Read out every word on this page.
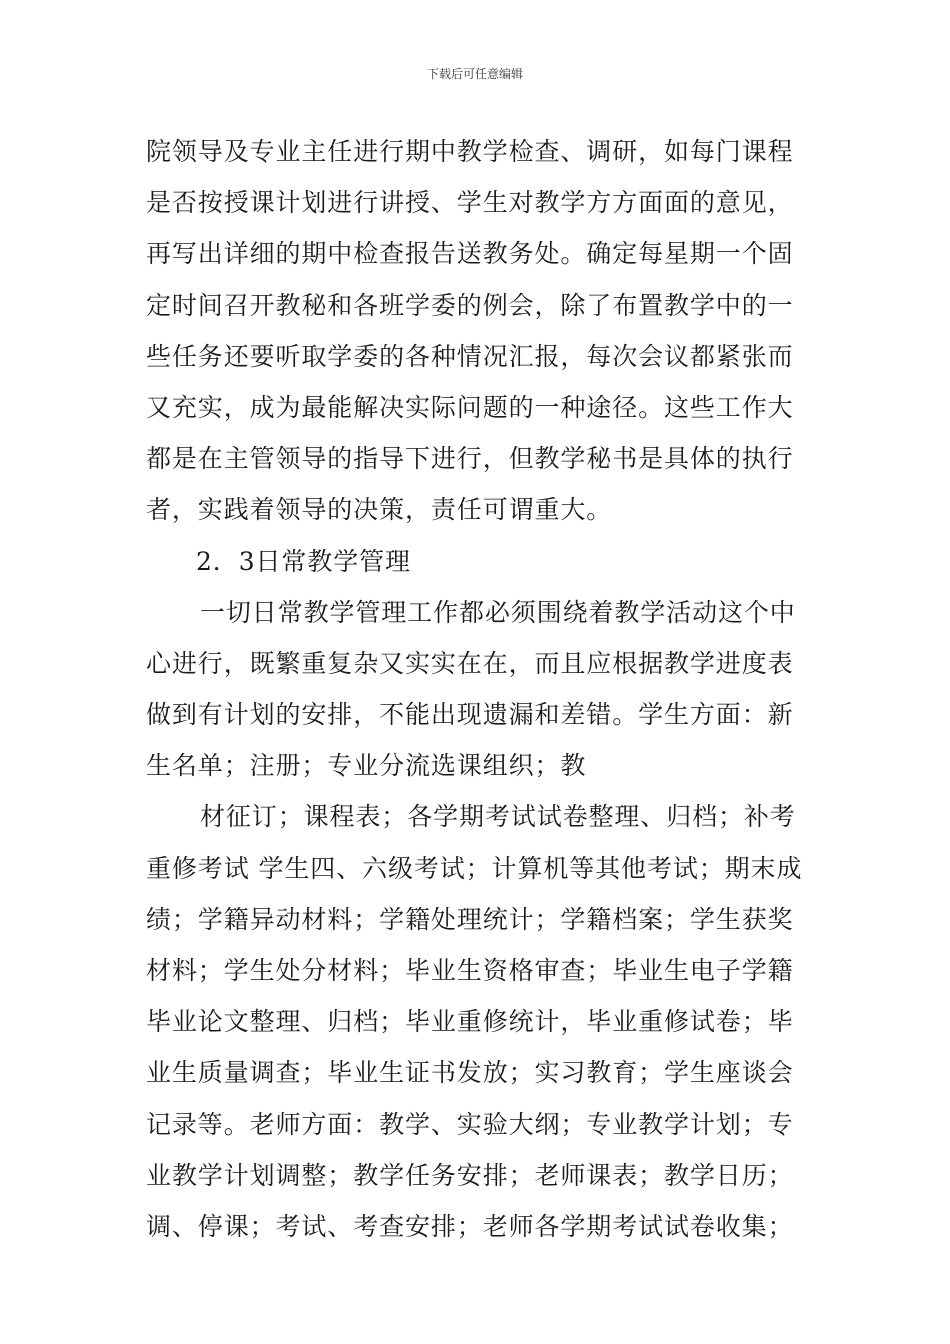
下载后可任意编辑
院领导及专业主任进行期中教学检查、调研，如每门课程
是否按授课计划进行讲授、学生对教学方方面面的意见，
再写出详细的期中检查报告送教务处。确定每星期一个固
定时间召开教秘和各班学委的例会，除了布置教学中的一
些任务还要听取学委的各种情况汇报，每次会议都紧张而
又充实，成为最能解决实际问题的一种途径。这些工作大
都是在主管领导的指导下进行，但教学秘书是具体的执行
者，实践着领导的决策，责任可谓重大。
2．3日常教学管理
一切日常教学管理工作都必须围绕着教学活动这个中
心进行，既繁重复杂又实实在在，而且应根据教学进度表
做到有计划的安排，不能出现遗漏和差错。学生方面：新
生名单；注册；专业分流选课组织；教
材征订；课程表；各学期考试试卷整理、归档；补考
重修考试 学生四、六级考试；计算机等其他考试；期末成
绩；学籍异动材料；学籍处理统计；学籍档案；学生获奖
材料；学生处分材料；毕业生资格审查；毕业生电子学籍
毕业论文整理、归档；毕业重修统计，毕业重修试卷；毕
业生质量调查；毕业生证书发放；实习教育；学生座谈会
记录等。老师方面：教学、实验大纲；专业教学计划；专
业教学计划调整；教学任务安排；老师课表；教学日历；
调、停课；考试、考查安排；老师各学期考试试卷收集；
